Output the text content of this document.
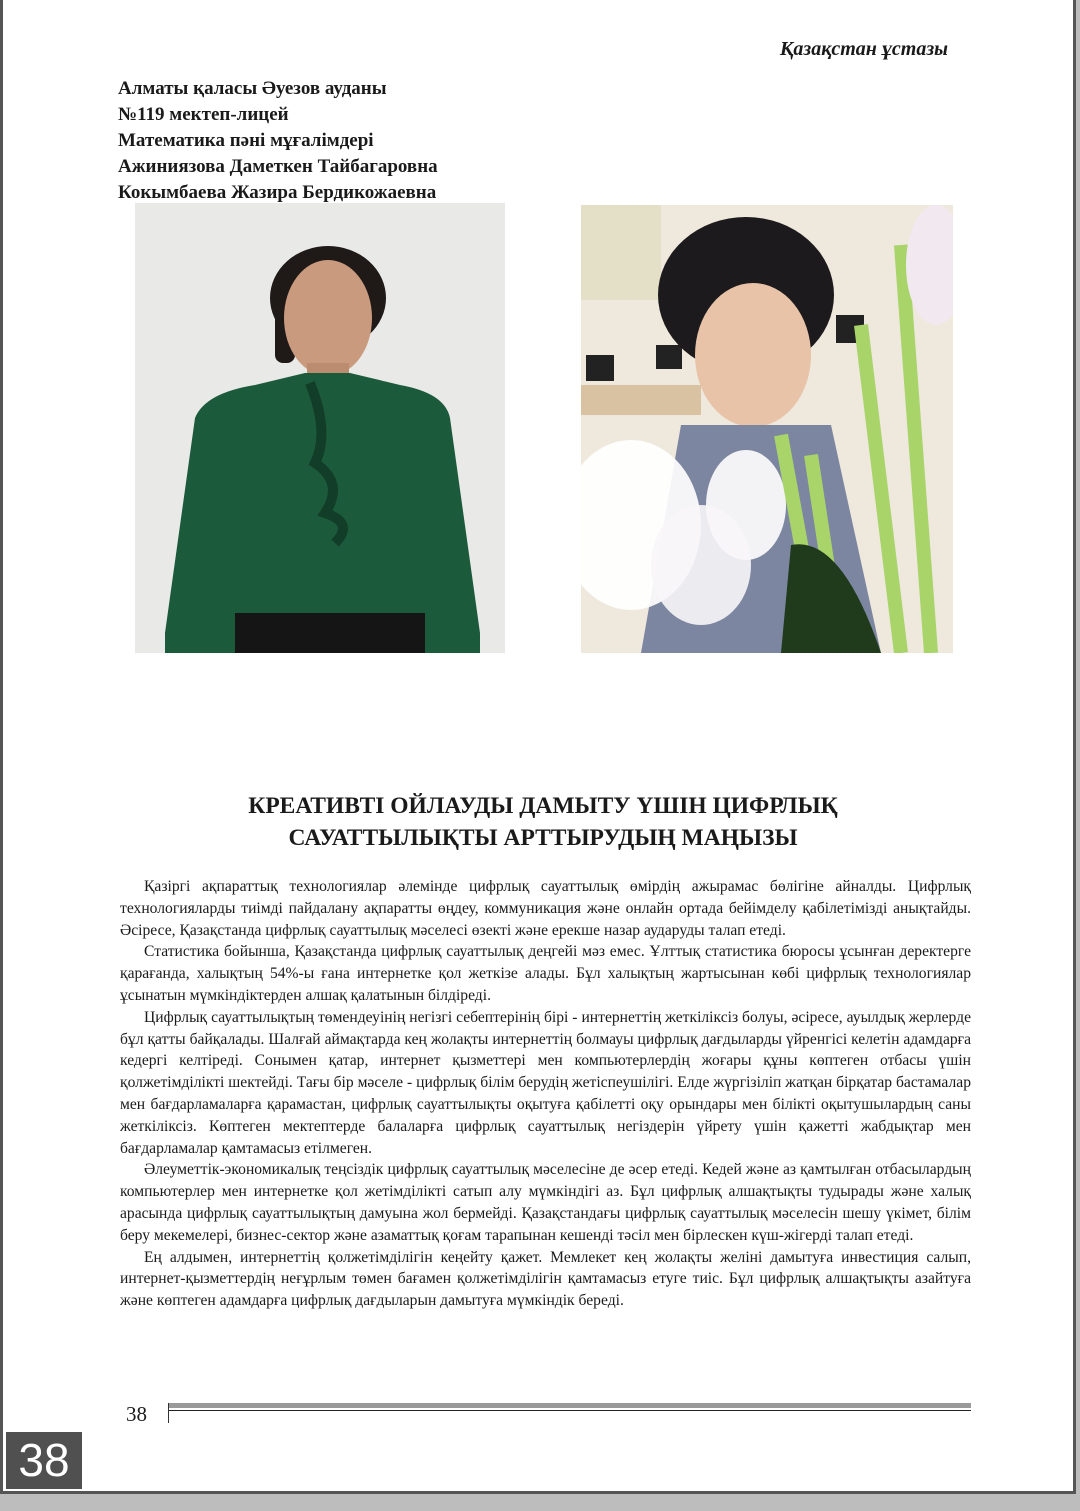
Қазақстан ұстазы
Алматы қаласы Әуезов ауданы
№119 мектеп-лицей
Математика пәні мұғалімдері
Ажиниязова Даметкен Тайбагаровна
Кокымбаева Жазира Бердикожаевна
КРЕАТИВТІ ОЙЛАУДЫ ДАМЫТУ ҮШІН ЦИФРЛЫҚ
САУАТТЫЛЫҚТЫ АРТТЫРУДЫҢ МАҢЫЗЫ

Қазіргі ақпараттық технологиялар әлемінде цифрлық сауаттылық өмірдің ажырамас бөлігіне айналды. Цифрлық технологияларды тиімді пайдалану ақпаратты өңдеу, коммуникация және онлайн ортада бейімделу қабілетімізді анықтайды. Әсіресе, Қазақстанда цифрлық сауаттылық мәселесі өзекті және ерекше назар аударуды талап етеді.

Статистика бойынша, Қазақстанда цифрлық сауаттылық деңгейі мәз емес. Ұлттық статистика бюросы ұсынған деректерге қарағанда, халықтың 54%-ы ғана интернетке қол жеткізе алады. Бұл халықтың жартысынан көбі цифрлық технологиялар ұсынатын мүмкіндіктерден алшақ қалатынын білдіреді.

Цифрлық сауаттылықтың төмендеуінің негізгі себептерінің бірі - интернеттің жеткіліксіз болуы, әсіресе, ауылдық жерлерде бұл қатты байқалады. Шалғай аймақтарда кең жолақты интернеттің болмауы цифрлық дағдыларды үйренгісі келетін адамдарға кедергі келтіреді. Сонымен қатар, интернет қызметтері мен компьютерлердің жоғары құны көптеген отбасы үшін қолжетімділікті шектейді. Тағы бір мәселе - цифрлық білім берудің жетіспеушілігі. Елде жүргізіліп жатқан бірқатар бастамалар мен бағдарламаларға қарамастан, цифрлық сауаттылықты оқытуға қабілетті оқу орындары мен білікті оқытушылардың саны жеткіліксіз. Көптеген мектептерде балаларға цифрлық сауаттылық негіздерін үйрету үшін қажетті жабдықтар мен бағдарламалар қамтамасыз етілмеген.

Әлеуметтік-экономикалық теңсіздік цифрлық сауаттылық мәселесіне де әсер етеді. Кедей және аз қамтылған отбасылардың компьютерлер мен интернетке қол жетімділікті сатып алу мүмкіндігі аз. Бұл цифрлық алшақтықты тудырады және халық арасында цифрлық сауаттылықтың дамуына жол бермейді. Қазақстандағы цифрлық сауаттылық мәселесін шешу үкімет, білім беру мекемелері, бизнес-сектор және азаматтық қоғам тарапынан кешенді тәсіл мен бірлескен күш-жігерді талап етеді.

Ең алдымен, интернеттің қолжетімділігін кеңейту қажет. Мемлекет кең жолақты желіні дамытуға инвестиция салып, интернет-қызметтердің неғұрлым төмен бағамен қолжетімділігін қамтамасыз етуге тиіс. Бұл цифрлық алшақтықты азайтуға және көптеген адамдарға цифрлық дағдыларын дамытуға мүмкіндік береді.

38
38
